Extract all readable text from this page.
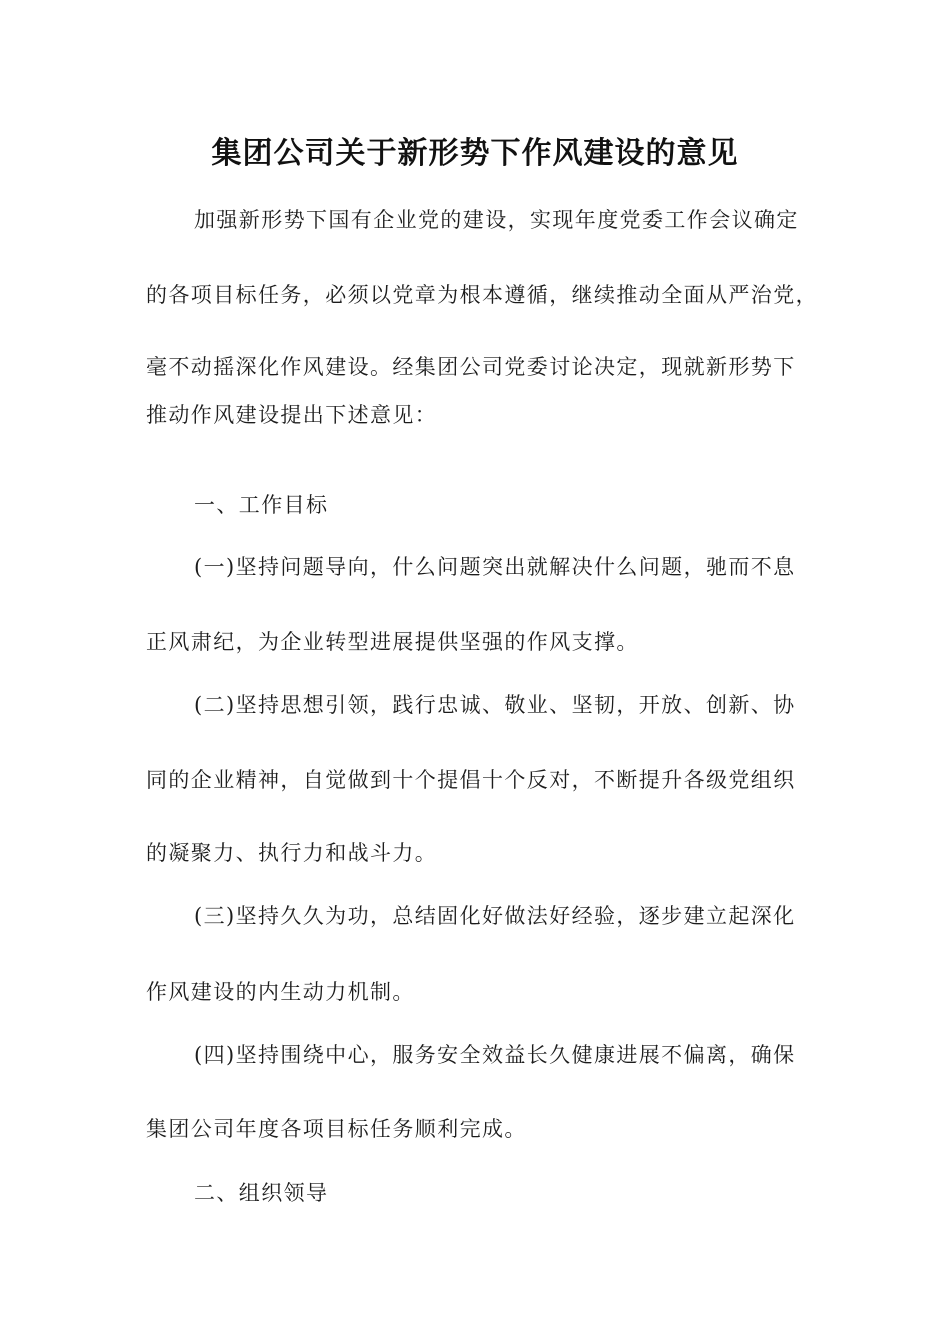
集团公司关于新形势下作风建设的意见
加强新形势下国有企业党的建设，实现年度党委工作会议确定
的各项目标任务，必须以党章为根本遵循，继续推动全面从严治党，
毫不动摇深化作风建设。经集团公司党委讨论决定，现就新形势下
推动作风建设提出下述意见：
一、工作目标
(一)坚持问题导向，什么问题突出就解决什么问题，驰而不息
正风肃纪，为企业转型进展提供坚强的作风支撑。
(二)坚持思想引领，践行忠诚、敬业、坚韧，开放、创新、协
同的企业精神，自觉做到十个提倡十个反对，不断提升各级党组织
的凝聚力、执行力和战斗力。
(三)坚持久久为功，总结固化好做法好经验，逐步建立起深化
作风建设的内生动力机制。
(四)坚持围绕中心，服务安全效益长久健康进展不偏离，确保
集团公司年度各项目标任务顺利完成。
二、组织领导
